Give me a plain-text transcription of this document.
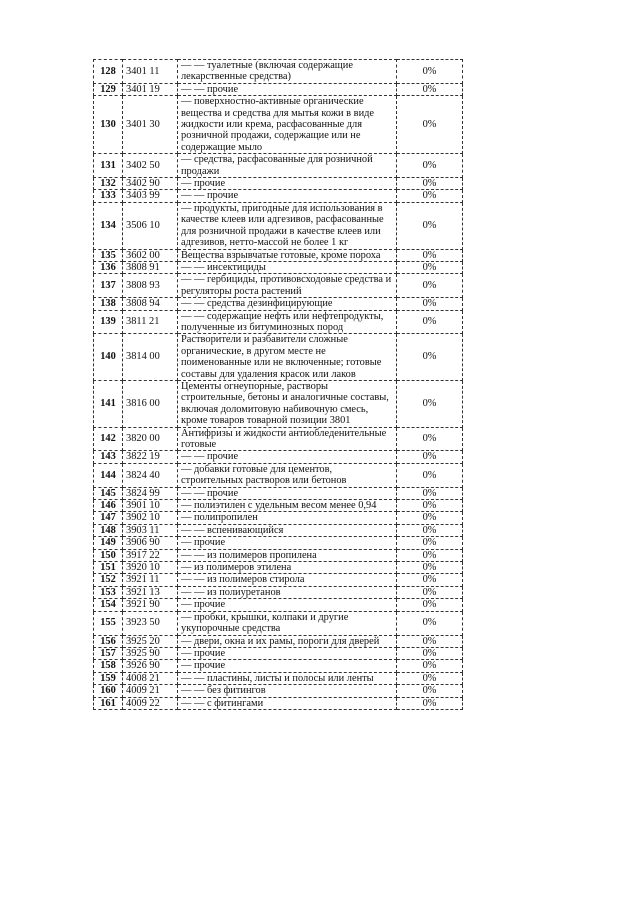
128	3401 11	— — туалетные (включая содержащие лекарственные средства)	0%
129	3401 19	— — прочие	0%
130	3401 30	— поверхностно-активные органические вещества и средства для мытья кожи в виде жидкости или крема, расфасованные для розничной продажи, содержащие или не содержащие мыло	0%
131	3402 50	— средства, расфасованные для розничной продажи	0%
132	3402 90	— прочие	0%
133	3403 99	— — прочие	0%
134	3506 10	— продукты, пригодные для использования в качестве клеев или адгезивов, расфасованные для розничной продажи в качестве клеев или адгезивов, нетто-массой не более 1 кг	0%
135	3602 00	Вещества взрывчатые готовые, кроме пороха	0%
136	3808 91	— — инсектициды	0%
137	3808 93	— — гербициды, противовсходовые средства и регуляторы роста растений	0%
138	3808 94	— — средства дезинфицирующие	0%
139	3811 21	— — содержащие нефть или нефтепродукты, полученные из битуминозных пород	0%
140	3814 00	Растворители и разбавители сложные органические, в другом месте не поименованные или не включенные; готовые составы для удаления красок или лаков	0%
141	3816 00	Цементы огнеупорные, растворы строительные, бетоны и аналогичные составы, включая доломитовую набивочную смесь, кроме товаров товарной позиции 3801	0%
142	3820 00	Антифризы и жидкости антиобледенительные готовые	0%
143	3822 19	— — прочие	0%
144	3824 40	— добавки готовые для цементов, строительных растворов или бетонов	0%
145	3824 99	— — прочие	0%
146	3901 10	— полиэтилен с удельным весом менее 0,94	0%
147	3902 10	— полипропилен	0%
148	3903 11	— — вспенивающийся	0%
149	3906 90	— прочие	0%
150	3917 22	— — из полимеров пропилена	0%
151	3920 10	— из полимеров этилена	0%
152	3921 11	— — из полимеров стирола	0%
153	3921 13	— — из полиуретанов	0%
154	3921 90	— прочие	0%
155	3923 50	— пробки, крышки, колпаки и другие укупорочные средства	0%
156	3925 20	— двери, окна и их рамы, пороги для дверей	0%
157	3925 90	— прочие	0%
158	3926 90	— прочие	0%
159	4008 21	— — пластины, листы и полосы или ленты	0%
160	4009 21	— — без фитингов	0%
161	4009 22	— — с фитингами	0%
